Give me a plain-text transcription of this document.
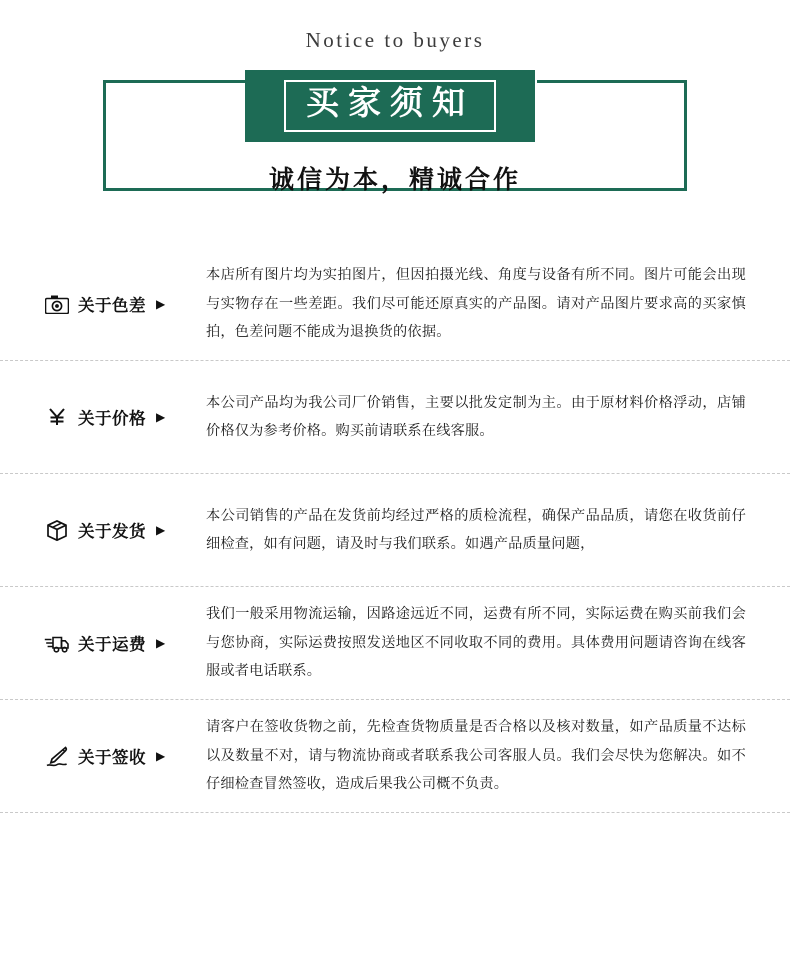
Notice to buyers
买家须知
诚信为本，精诚合作
关于色差 ▶

本店所有图片均为实拍图片，但因拍摄光线、角度与设备有所不同。图片可能会出现与实物存在一些差距。我们尽可能还原真实的产品图。请对产品图片要求高的买家慎拍，色差问题不能成为退换货的依据。

关于价格 ▶

本公司产品均为我公司厂价销售，主要以批发定制为主。由于原材料价格浮动，店铺价格仅为参考价格。购买前请联系在线客服。

关于发货 ▶

本公司销售的产品在发货前均经过严格的质检流程，确保产品品质，请您在收货前仔细检查，如有问题，请及时与我们联系。如遇产品质量问题，

关于运费 ▶

我们一般采用物流运输，因路途远近不同，运费有所不同，实际运费在购买前我们会与您协商，实际运费按照发送地区不同收取不同的费用。具体费用问题请咨询在线客服或者电话联系。

关于签收 ▶

请客户在签收货物之前，先检查货物质量是否合格以及核对数量，如产品质量不达标以及数量不对，请与物流协商或者联系我公司客服人员。我们会尽快为您解决。如不仔细检查冒然签收，造成后果我公司概不负责。
